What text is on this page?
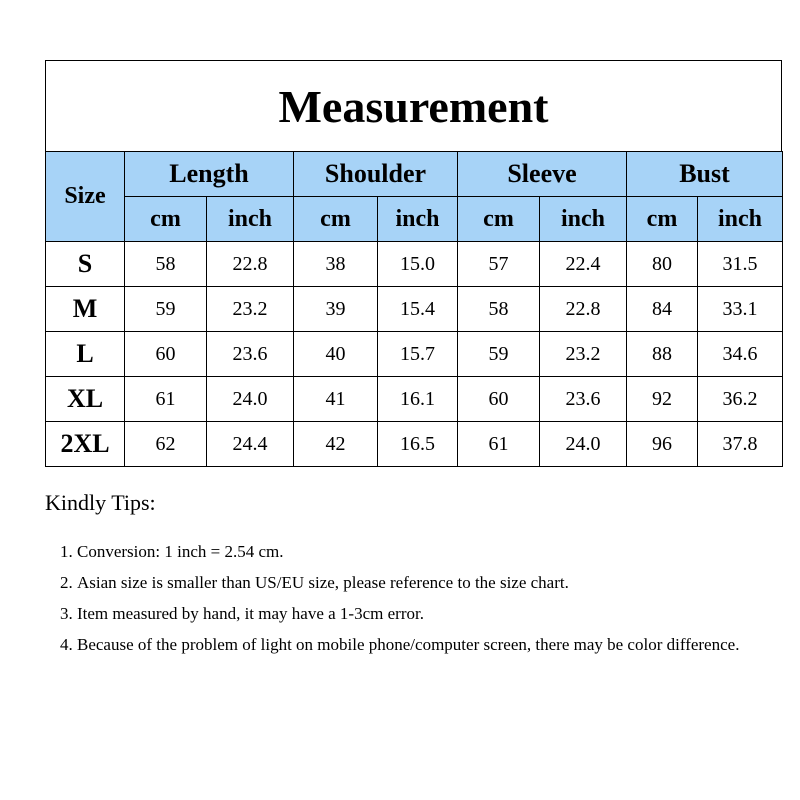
Measurement
Size	Length		Shoulder		Sleeve		Bust	
	cm	inch	cm	inch	cm	inch	cm	inch
S	58	22.8	38	15.0	57	22.4	80	31.5
M	59	23.2	39	15.4	58	22.8	84	33.1
L	60	23.6	40	15.7	59	23.2	88	34.6
XL	61	24.0	41	16.1	60	23.6	92	36.2
2XL	62	24.4	42	16.5	61	24.0	96	37.8
Kindly Tips:
1. Conversion: 1 inch = 2.54 cm.
2. Asian size is smaller than US/EU size, please reference to the size chart.
3. Item measured by hand, it may have a 1-3cm error.
4. Because of the problem of light on mobile phone/computer screen, there may be color difference.
